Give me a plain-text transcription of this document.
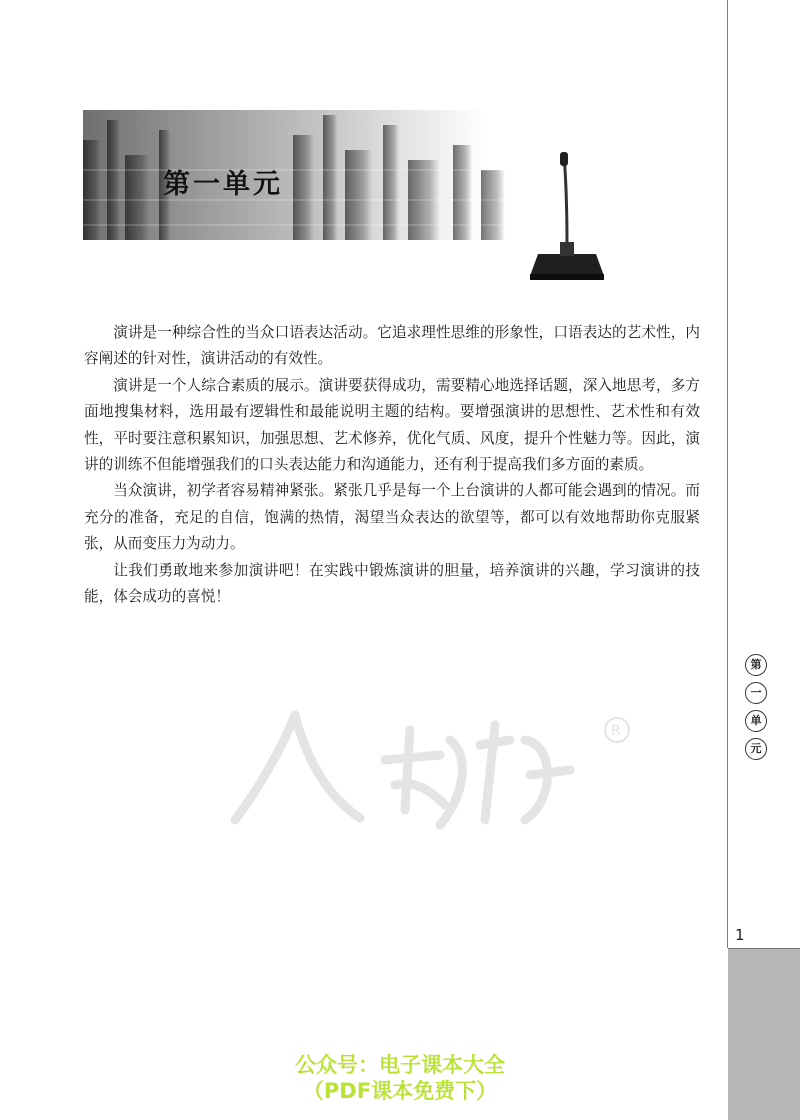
1
第
一
单
元
第一单元

演讲是一种综合性的当众口语表达活动。它追求理性思维的形象性，口语表达的艺术性，内容阐述的针对性，演讲活动的有效性。

演讲是一个人综合素质的展示。演讲要获得成功，需要精心地选择话题，深入地思考，多方面地搜集材料，选用最有逻辑性和最能说明主题的结构。要增强演讲的思想性、艺术性和有效性，平时要注意积累知识，加强思想、艺术修养，优化气质、风度，提升个性魅力等。因此，演讲的训练不但能增强我们的口头表达能力和沟通能力，还有利于提高我们多方面的素质。

当众演讲，初学者容易精神紧张。紧张几乎是每一个上台演讲的人都可能会遇到的情况。而充分的准备，充足的自信，饱满的热情，渴望当众表达的欲望等，都可以有效地帮助你克服紧张，从而变压力为动力。

让我们勇敢地来参加演讲吧！在实践中锻炼演讲的胆量，培养演讲的兴趣，学习演讲的技能，体会成功的喜悦！

R
公众号：电子课本大全
（PDF课本免费下）
